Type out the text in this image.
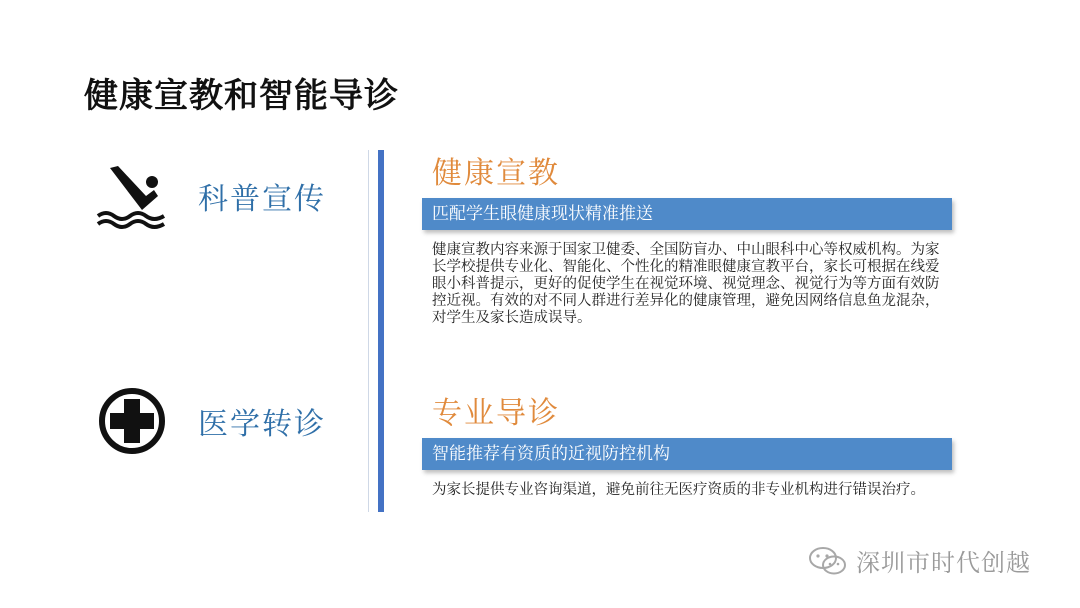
健康宣教和智能导诊
科普宣传
医学转诊
健康宣教
匹配学生眼健康现状精准推送
健康宣教内容来源于国家卫健委、全国防盲办、中山眼科中心等权威机构。为家长学校提供专业化、智能化、个性化的精准眼健康宣教平台，家长可根据在线爱眼小科普提示，更好的促使学生在视觉环境、视觉理念、视觉行为等方面有效防控近视。有效的对不同人群进行差异化的健康管理，避免因网络信息鱼龙混杂，对学生及家长造成误导。
专业导诊
智能推荐有资质的近视防控机构
为家长提供专业咨询渠道，避免前往无医疗资质的非专业机构进行错误治疗。
深圳市时代创越
